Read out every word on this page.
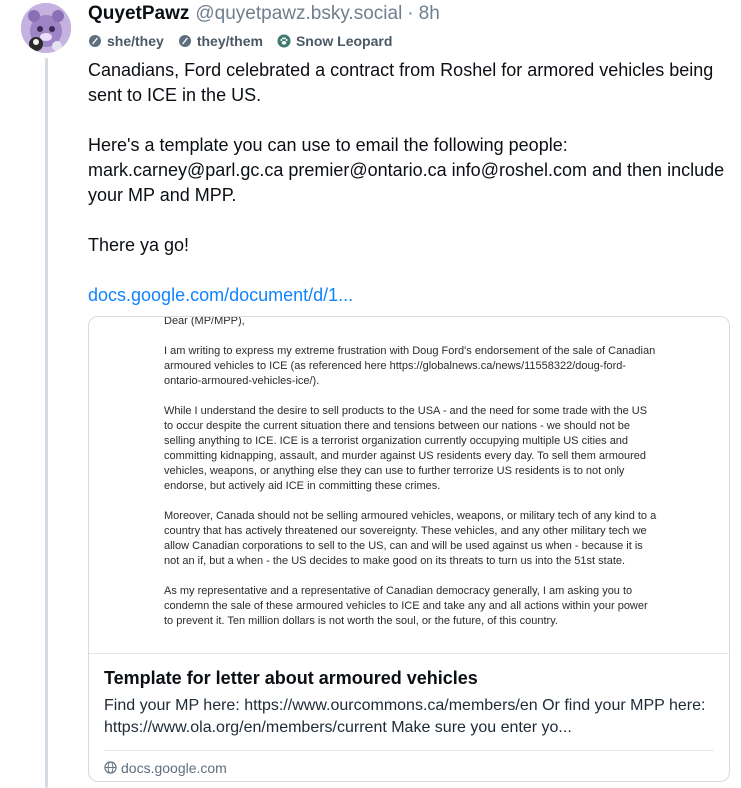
QuyetPawz @quyetpawz.bsky.social · 8h
she/they they/them Snow Leopard
Canadians, Ford celebrated a contract from Roshel for armored vehicles being sent to ICE in the US.
Here's a template you can use to email the following people: mark.carney@parl.gc.ca premier@ontario.ca info@roshel.com and then include your MP and MPP.
There ya go!
docs.google.com/document/d/1...

Dear (MP/MPP),

I am writing to express my extreme frustration with Doug Ford's endorsement of the sale of Canadian armoured vehicles to ICE (as referenced here https://globalnews.ca/news/11558322/doug-ford-ontario-armoured-vehicles-ice/).

While I understand the desire to sell products to the USA - and the need for some trade with the US to occur despite the current situation there and tensions between our nations - we should not be selling anything to ICE. ICE is a terrorist organization currently occupying multiple US cities and committing kidnapping, assault, and murder against US residents every day. To sell them armoured vehicles, weapons, or anything else they can use to further terrorize US residents is to not only endorse, but actively aid ICE in committing these crimes.

Moreover, Canada should not be selling armoured vehicles, weapons, or military tech of any kind to a country that has actively threatened our sovereignty. These vehicles, and any other military tech we allow Canadian corporations to sell to the US, can and will be used against us when - because it is not an if, but a when - the US decides to make good on its threats to turn us into the 51st state.

As my representative and a representative of Canadian democracy generally, I am asking you to condemn the sale of these armoured vehicles to ICE and take any and all actions within your power to prevent it. Ten million dollars is not worth the soul, or the future, of this country.

Template for letter about armoured vehicles
Find your MP here: https://www.ourcommons.ca/members/en Or find your MPP here: https://www.ola.org/en/members/current Make sure you enter yo...
docs.google.com
